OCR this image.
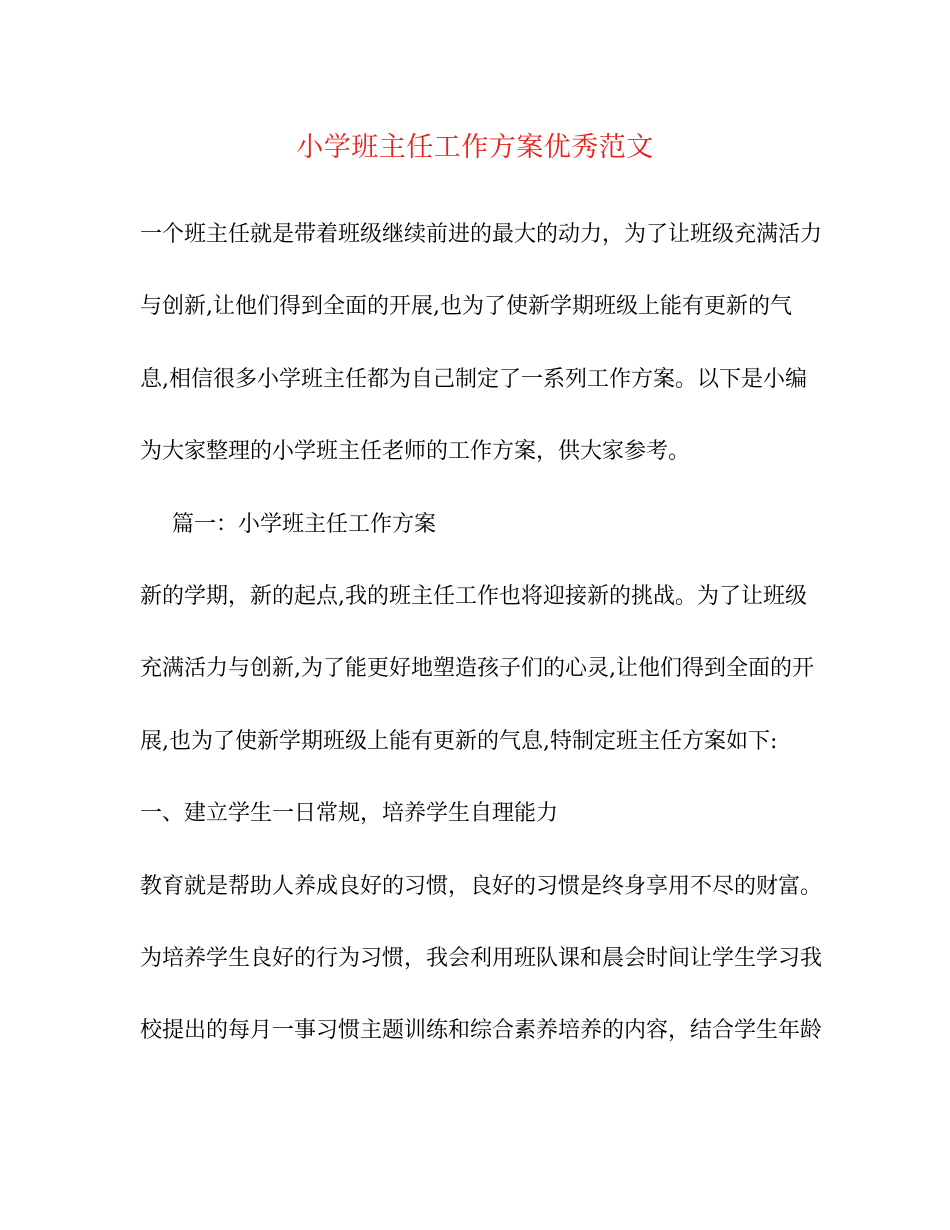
小学班主任工作方案优秀范文
一个班主任就是带着班级继续前进的最大的动力，为了让班级充满活力
与创新,让他们得到全面的开展,也为了使新学期班级上能有更新的气
息,相信很多小学班主任都为自己制定了一系列工作方案。以下是小编
为大家整理的小学班主任老师的工作方案，供大家参考。
篇一：小学班主任工作方案
新的学期，新的起点,我的班主任工作也将迎接新的挑战。为了让班级
充满活力与创新,为了能更好地塑造孩子们的心灵,让他们得到全面的开
展,也为了使新学期班级上能有更新的气息,特制定班主任方案如下:
一、建立学生一日常规，培养学生自理能力
教育就是帮助人养成良好的习惯，良好的习惯是终身享用不尽的财富。
为培养学生良好的行为习惯，我会利用班队课和晨会时间让学生学习我
校提出的每月一事习惯主题训练和综合素养培养的内容，结合学生年龄
